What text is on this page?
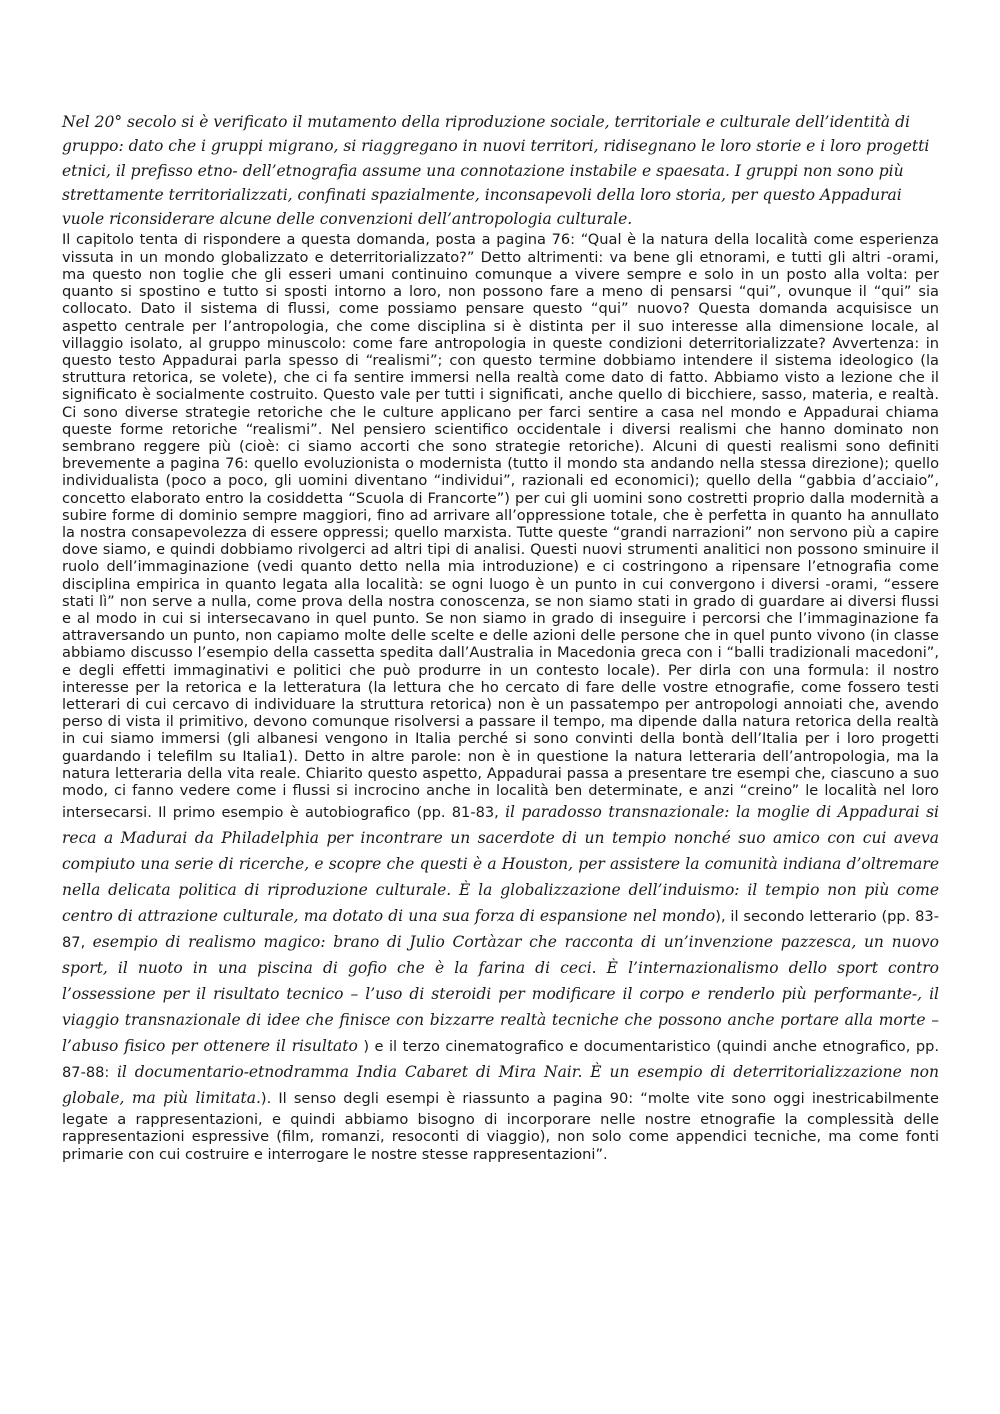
Nel 20° secolo si è verificato il mutamento della riproduzione sociale, territoriale e culturale dell’identità di gruppo: dato che i gruppi migrano, si riaggregano in nuovi territori, ridisegnano le loro storie e i loro progetti etnici, il prefisso etno- dell’etnografia assume una connotazione instabile e spaesata. I gruppi non sono più strettamente territorializzati, confinati spazialmente, inconsapevoli della loro storia, per questo Appadurai vuole riconsiderare alcune delle convenzioni dell’antropologia culturale.

Il capitolo tenta di rispondere a questa domanda, posta a pagina 76: “Qual è la natura della località come esperienza vissuta in un mondo globalizzato e deterritorializzato?” Detto altrimenti: va bene gli etnorami, e tutti gli altri -orami, ma questo non toglie che gli esseri umani continuino comunque a vivere sempre e solo in un posto alla volta: per quanto si spostino e tutto si sposti intorno a loro, non possono fare a meno di pensarsi “qui”, ovunque il “qui” sia collocato. Dato il sistema di flussi, come possiamo pensare questo “qui” nuovo? Questa domanda acquisisce un aspetto centrale per l’antropologia, che come disciplina si è distinta per il suo interesse alla dimensione locale, al villaggio isolato, al gruppo minuscolo: come fare antropologia in queste condizioni deterritorializzate? Avvertenza: in questo testo Appadurai parla spesso di “realismi”; con questo termine dobbiamo intendere il sistema ideologico (la struttura retorica, se volete), che ci fa sentire immersi nella realtà come dato di fatto. Abbiamo visto a lezione che il significato è socialmente costruito. Questo vale per tutti i significati, anche quello di bicchiere, sasso, materia, e realtà. Ci sono diverse strategie retoriche che le culture applicano per farci sentire a casa nel mondo e Appadurai chiama queste forme retoriche “realismi”. Nel pensiero scientifico occidentale i diversi realismi che hanno dominato non sembrano reggere più (cioè: ci siamo accorti che sono strategie retoriche). Alcuni di questi realismi sono definiti brevemente a pagina 76: quello evoluzionista o modernista (tutto il mondo sta andando nella stessa direzione); quello individualista (poco a poco, gli uomini diventano “individui”, razionali ed economici); quello della “gabbia d’acciaio”, concetto elaborato entro la cosiddetta “Scuola di Francorte”) per cui gli uomini sono costretti proprio dalla modernità a subire forme di dominio sempre maggiori, fino ad arrivare all’oppressione totale, che è perfetta in quanto ha annullato la nostra consapevolezza di essere oppressi; quello marxista. Tutte queste “grandi narrazioni” non servono più a capire dove siamo, e quindi dobbiamo rivolgerci ad altri tipi di analisi. Questi nuovi strumenti analitici non possono sminuire il ruolo dell’immaginazione (vedi quanto detto nella mia introduzione) e ci costringono a ripensare l’etnografia come disciplina empirica in quanto legata alla località: se ogni luogo è un punto in cui convergono i diversi -orami, “essere stati lì” non serve a nulla, come prova della nostra conoscenza, se non siamo stati in grado di guardare ai diversi flussi e al modo in cui si intersecavano in quel punto. Se non siamo in grado di inseguire i percorsi che l’immaginazione fa attraversando un punto, non capiamo molte delle scelte e delle azioni delle persone che in quel punto vivono (in classe abbiamo discusso l’esempio della cassetta spedita dall’Australia in Macedonia greca con i “balli tradizionali macedoni”, e degli effetti immaginativi e politici che può produrre in un contesto locale). Per dirla con una formula: il nostro interesse per la retorica e la letteratura (la lettura che ho cercato di fare delle vostre etnografie, come fossero testi letterari di cui cercavo di individuare la struttura retorica) non è un passatempo per antropologi annoiati che, avendo perso di vista il primitivo, devono comunque risolversi a passare il tempo, ma dipende dalla natura retorica della realtà in cui siamo immersi (gli albanesi vengono in Italia perché si sono convinti della bontà dell’Italia per i loro progetti guardando i telefilm su Italia1). Detto in altre parole: non è in questione la natura letteraria dell’antropologia, ma la natura letteraria della vita reale. Chiarito questo aspetto, Appadurai passa a presentare tre esempi che, ciascuno a suo modo, ci fanno vedere come i flussi si incrocino anche in località ben determinate, e anzi “creino” le località nel loro intersecarsi. Il primo esempio è autobiografico (pp. 81-83, il paradosso transnazionale: la moglie di Appadurai si reca a Madurai da Philadelphia per incontrare un sacerdote di un tempio nonché suo amico con cui aveva compiuto una serie di ricerche, e scopre che questi è a Houston, per assistere la comunità indiana d’oltremare nella delicata politica di riproduzione culturale. È la globalizzazione dell’induismo: il tempio non più come centro di attrazione culturale, ma dotato di una sua forza di espansione nel mondo), il secondo letterario (pp. 83-87, esempio di realismo magico: brano di Julio Cortàzar che racconta di un’invenzione pazzesca, un nuovo sport, il nuoto in una piscina di gofio che è la farina di ceci. È l’internazionalismo dello sport contro l’ossessione per il risultato tecnico – l’uso di steroidi per modificare il corpo e renderlo più performante-, il viaggio transnazionale di idee che finisce con bizzarre realtà tecniche che possono anche portare alla morte – l’abuso fisico per ottenere il risultato ) e il terzo cinematografico e documentaristico (quindi anche etnografico, pp. 87-88: il documentario-etnodramma India Cabaret di Mira Nair. È un esempio di deterritorializzazione non globale, ma più limitata.). Il senso degli esempi è riassunto a pagina 90: “molte vite sono oggi inestricabilmente legate a rappresentazioni, e quindi abbiamo bisogno di incorporare nelle nostre etnografie la complessità delle rappresentazioni espressive (film, romanzi, resoconti di viaggio), non solo come appendici tecniche, ma come fonti primarie con cui costruire e interrogare le nostre stesse rappresentazioni”.
